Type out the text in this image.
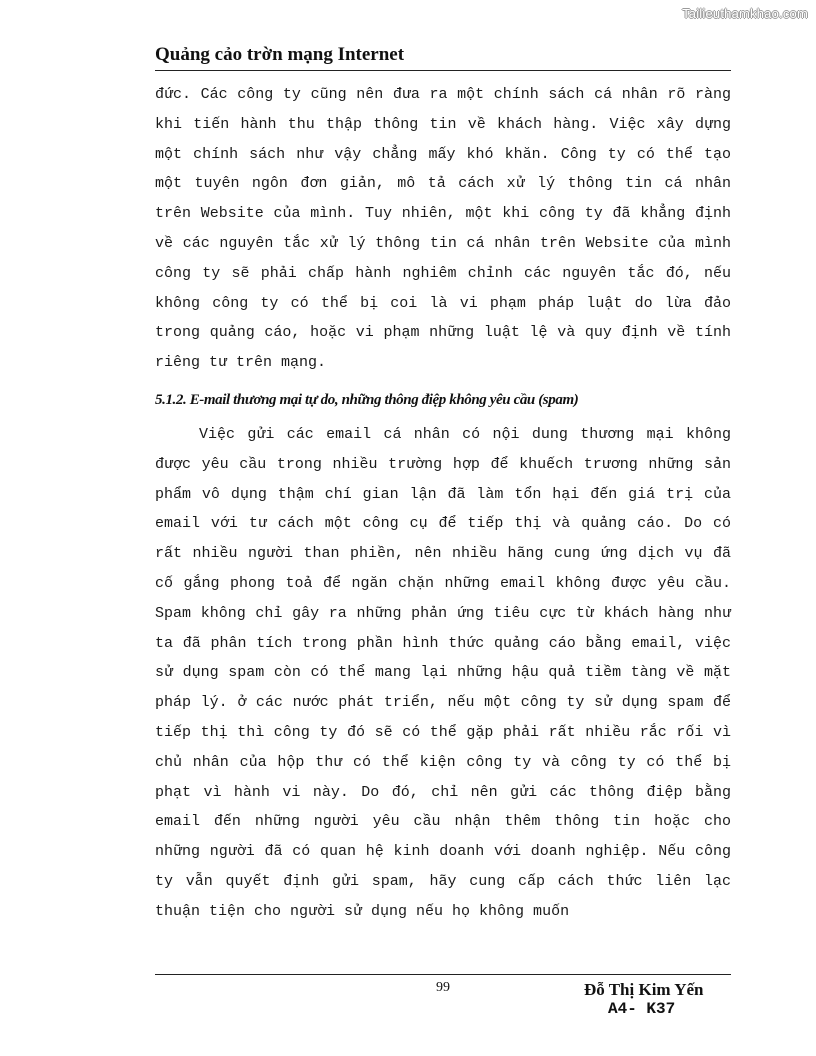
Tailieuthamkhao.com
Quảng cảo trờn mạng Internet

đức. Các công ty cũng nên đưa ra một chính sách cá nhân rõ ràng khi tiến hành thu thập thông tin về khách hàng. Việc xây dựng một chính sách như vậy chẳng mấy khó khăn. Công ty có thể tạo một tuyên ngôn đơn giản, mô tả cách xử lý thông tin cá nhân trên Website của mình. Tuy nhiên, một khi công ty đã khẳng định về các nguyên tắc xử lý thông tin cá nhân trên Website của mình công ty sẽ phải chấp hành nghiêm chỉnh các nguyên tắc đó, nếu không công ty có thể bị coi là vi phạm pháp luật do lừa đảo trong quảng cáo, hoặc vi phạm những luật lệ và quy định về tính riêng tư trên mạng.

5.1.2. E-mail thương mại tự do, những thông điệp không yêu cầu (spam)

Việc gửi các email cá nhân có nội dung thương mại không được yêu cầu trong nhiều trường hợp để khuếch trương những sản phẩm vô dụng thậm chí gian lận đã làm tổn hại đến giá trị của email với tư cách một công cụ để tiếp thị và quảng cáo. Do có rất nhiều người than phiền, nên nhiều hãng cung ứng dịch vụ đã cố gắng phong toả để ngăn chặn những email không được yêu cầu. Spam không chỉ gây ra những phản ứng tiêu cực từ khách hàng như ta đã phân tích trong phần hình thức quảng cáo bằng email, việc sử dụng spam còn có thể mang lại những hậu quả tiềm tàng về mặt pháp lý. ở các nước phát triển, nếu một công ty sử dụng spam để tiếp thị thì công ty đó sẽ có thể gặp phải rất nhiều rắc rối vì chủ nhân của hộp thư có thể kiện công ty và công ty có thể bị phạt vì hành vi này. Do đó, chỉ nên gửi các thông điệp bằng email đến những người yêu cầu nhận thêm thông tin hoặc cho những người đã có quan hệ kinh doanh với doanh nghiệp. Nếu công ty vẫn quyết định gửi spam, hãy cung cấp cách thức liên lạc thuận tiện cho người sử dụng nếu họ không muốn

99	Đỗ Thị Kim Yến
A4- K37
